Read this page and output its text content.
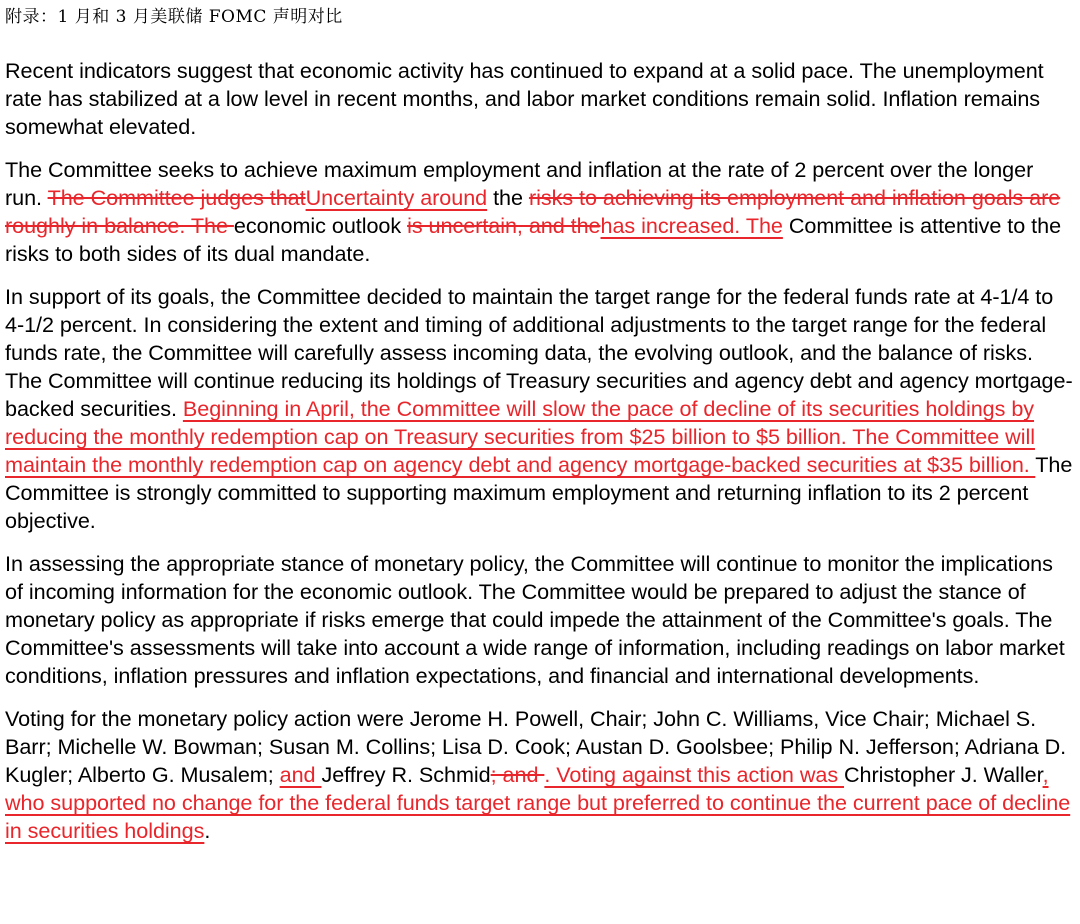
附录：1 月和 3 月美联储 FOMC 声明对比

Recent indicators suggest that economic activity has continued to expand at a solid pace. The unemployment rate has stabilized at a low level in recent months, and labor market conditions remain solid. Inflation remains somewhat elevated.

The Committee seeks to achieve maximum employment and inflation at the rate of 2 percent over the longer run. The Committee judges thatUncertainty around the risks to achieving its employment and inflation goals are roughly in balance. The economic outlook is uncertain, and thehas increased. The Committee is attentive to the risks to both sides of its dual mandate.

In support of its goals, the Committee decided to maintain the target range for the federal funds rate at 4-1/4 to 4-1/2 percent. In considering the extent and timing of additional adjustments to the target range for the federal funds rate, the Committee will carefully assess incoming data, the evolving outlook, and the balance of risks. The Committee will continue reducing its holdings of Treasury securities and agency debt and agency mortgage-backed securities. Beginning in April, the Committee will slow the pace of decline of its securities holdings by reducing the monthly redemption cap on Treasury securities from $25 billion to $5 billion. The Committee will maintain the monthly redemption cap on agency debt and agency mortgage-backed securities at $35 billion. The Committee is strongly committed to supporting maximum employment and returning inflation to its 2 percent objective.

In assessing the appropriate stance of monetary policy, the Committee will continue to monitor the implications of incoming information for the economic outlook. The Committee would be prepared to adjust the stance of monetary policy as appropriate if risks emerge that could impede the attainment of the Committee's goals. The Committee's assessments will take into account a wide range of information, including readings on labor market conditions, inflation pressures and inflation expectations, and financial and international developments.

Voting for the monetary policy action were Jerome H. Powell, Chair; John C. Williams, Vice Chair; Michael S. Barr; Michelle W. Bowman; Susan M. Collins; Lisa D. Cook; Austan D. Goolsbee; Philip N. Jefferson; Adriana D. Kugler; Alberto G. Musalem; and Jeffrey R. Schmid; and . Voting against this action was Christopher J. Waller, who supported no change for the federal funds target range but preferred to continue the current pace of decline in securities holdings.
